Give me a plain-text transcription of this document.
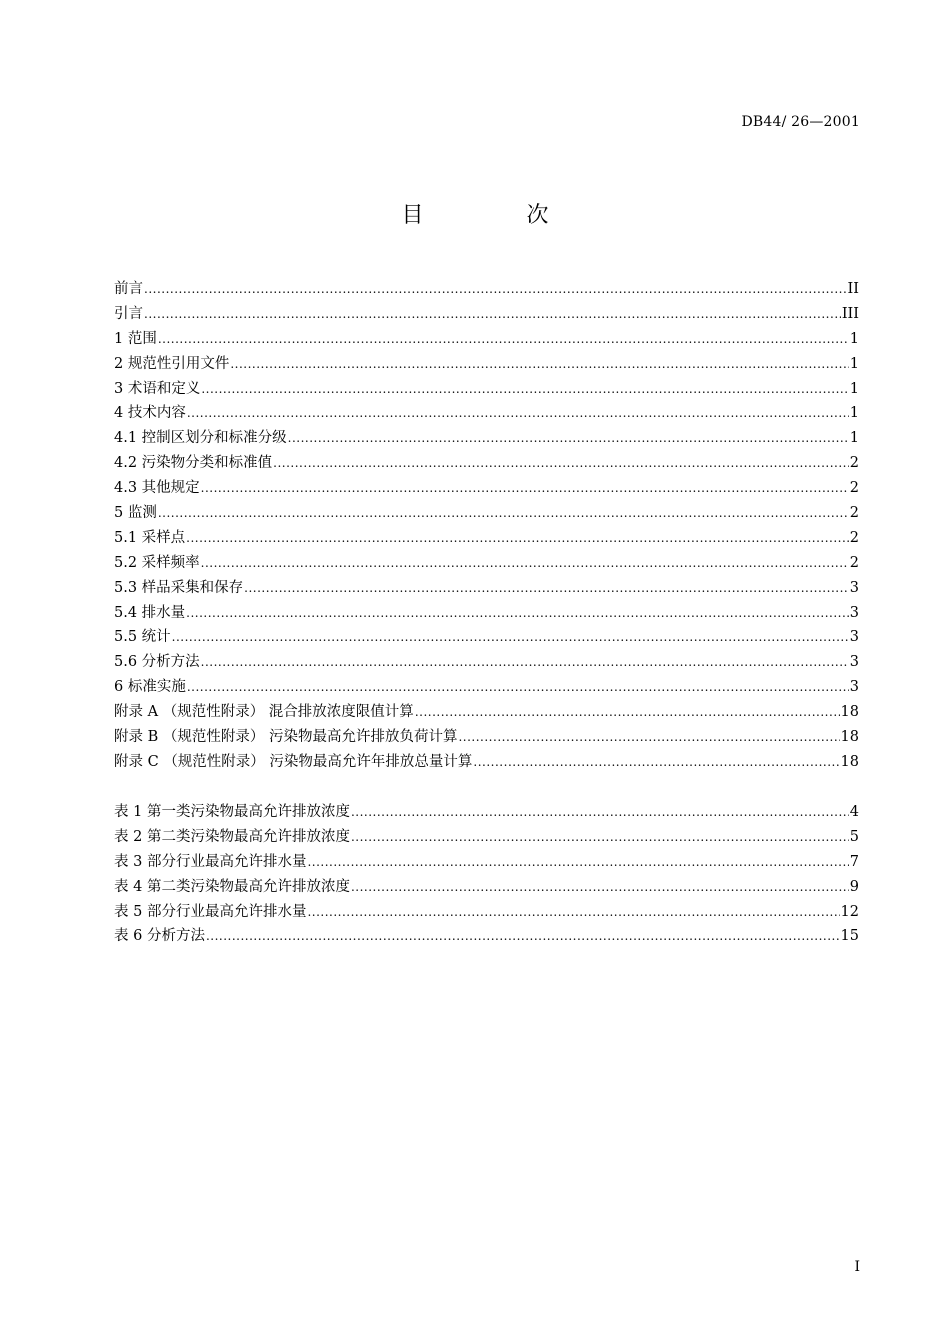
DB44/ 26—2001
目 次
前言 .....	II
引言 .....	III
1 范围 .....	1
2 规范性引用文件 .....	1
3 术语和定义 .....	1
4 技术内容 .....	1
4.1 控制区划分和标准分级 .....	1
4.2 污染物分类和标准值 .....	2
4.3 其他规定 .....	2
5 监测 .....	2
5.1 采样点 .....	2
5.2 采样频率 .....	2
5.3 样品采集和保存 .....	3
5.4 排水量 .....	3
5.5 统计 .....	3
5.6 分析方法 .....	3
6 标准实施 .....	3
附录 A （规范性附录） 混合排放浓度限值计算 .....	18
附录 B （规范性附录） 污染物最高允许排放负荷计算 .....	18
附录 C （规范性附录） 污染物最高允许年排放总量计算 .....	18
表 1 第一类污染物最高允许排放浓度 .....	4
表 2 第二类污染物最高允许排放浓度 .....	5
表 3 部分行业最高允许排水量 .....	7
表 4 第二类污染物最高允许排放浓度 .....	9
表 5 部分行业最高允许排水量 .....	12
表 6 分析方法 .....	15
I
